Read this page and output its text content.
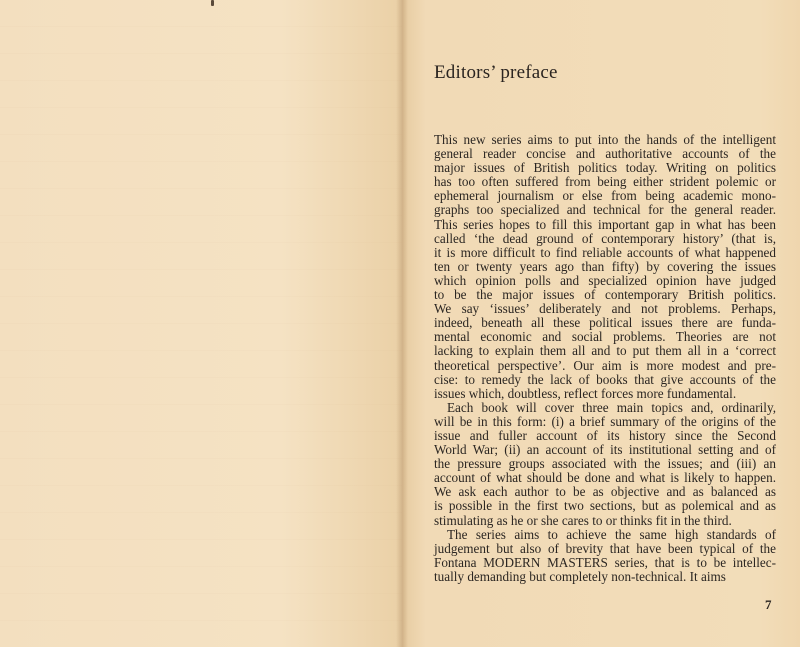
Editors’ preface

This new series aims to put into the hands of the intelligent
general reader concise and authoritative accounts of the
major issues of British politics today. Writing on politics
has too often suffered from being either strident polemic or
ephemeral journalism or else from being academic mono-
graphs too specialized and technical for the general reader.
This series hopes to fill this important gap in what has been
called ‘the dead ground of contemporary history’ (that is,
it is more difficult to find reliable accounts of what happened
ten or twenty years ago than fifty) by covering the issues
which opinion polls and specialized opinion have judged
to be the major issues of contemporary British politics.
We say ‘issues’ deliberately and not problems. Perhaps,
indeed, beneath all these political issues there are funda-
mental economic and social problems. Theories are not
lacking to explain them all and to put them all in a ‘correct
theoretical perspective’. Our aim is more modest and pre-
cise: to remedy the lack of books that give accounts of the
issues which, doubtless, reflect forces more fundamental.

Each book will cover three main topics and, ordinarily,
will be in this form: (i) a brief summary of the origins of the
issue and fuller account of its history since the Second
World War; (ii) an account of its institutional setting and of
the pressure groups associated with the issues; and (iii) an
account of what should be done and what is likely to happen.
We ask each author to be as objective and as balanced as
is possible in the first two sections, but as polemical and as
stimulating as he or she cares to or thinks fit in the third.

The series aims to achieve the same high standards of
judgement but also of brevity that have been typical of the
Fontana MODERN MASTERS series, that is to be intellec-
tually demanding but completely non-technical. It aims

7
